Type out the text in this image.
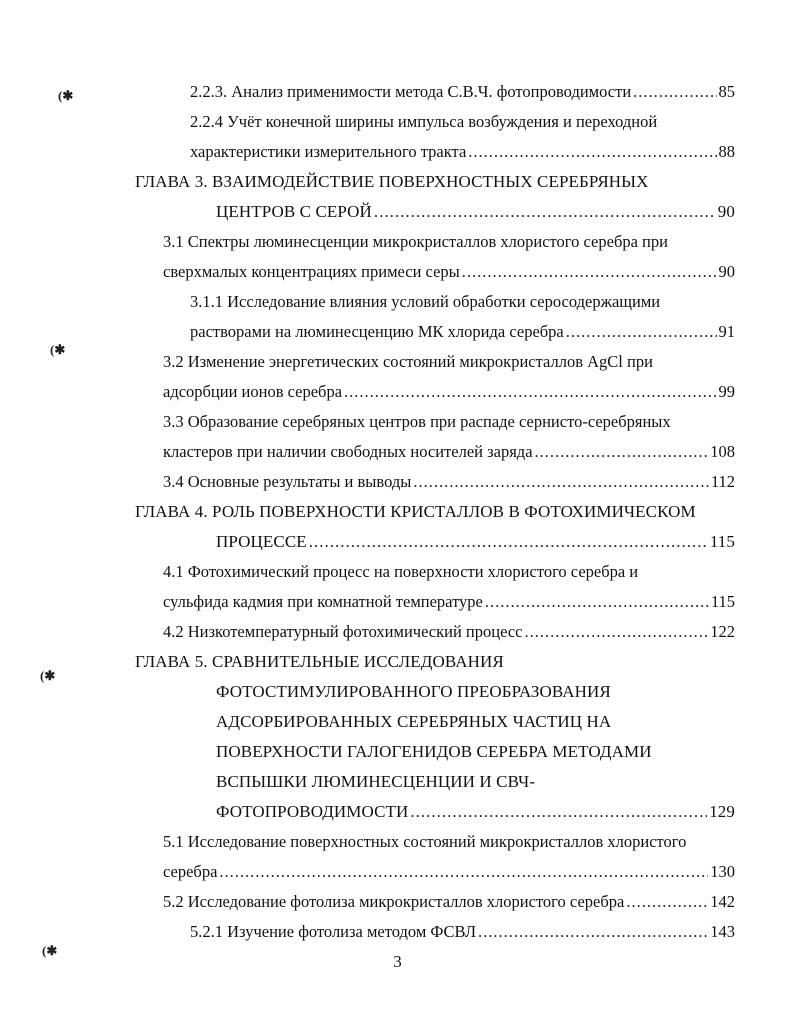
(✱
(✱
(✱
(✱
2.2.3. Анализ применимости метода С.В.Ч. фотопроводимости .....	85
2.2.4 Учёт конечной ширины импульса возбуждения и переходной
характеристики измерительного тракта .....	88
ГЛАВА 3. ВЗАИМОДЕЙСТВИЕ ПОВЕРХНОСТНЫХ СЕРЕБРЯНЫХ
ЦЕНТРОВ С СЕРОЙ .....	90
3.1 Спектры люминесценции микрокристаллов хлористого серебра при
сверхмалых концентрациях примеси серы .....	90
3.1.1 Исследование влияния условий обработки серосодержащими
растворами на люминесценцию МК хлорида серебра .....	91
3.2 Изменение энергетических состояний микрокристаллов AgCl при
адсорбции ионов серебра .....	99
3.3 Образование серебряных центров при распаде сернисто-серебряных
кластеров при наличии свободных носителей заряда .....	108
3.4 Основные результаты и выводы .....	112
ГЛАВА 4. РОЛЬ ПОВЕРХНОСТИ КРИСТАЛЛОВ В ФОТОХИМИЧЕСКОМ
ПРОЦЕССЕ .....	115
4.1 Фотохимический процесс на поверхности хлористого серебра и
сульфида кадмия при комнатной температуре .....	115
4.2 Низкотемпературный фотохимический процесс .....	122
ГЛАВА 5. СРАВНИТЕЛЬНЫЕ ИССЛЕДОВАНИЯ
ФОТОСТИМУЛИРОВАННОГО ПРЕОБРАЗОВАНИЯ
АДСОРБИРОВАННЫХ СЕРЕБРЯНЫХ ЧАСТИЦ НА
ПОВЕРХНОСТИ ГАЛОГЕНИДОВ СЕРЕБРА МЕТОДАМИ
ВСПЫШКИ ЛЮМИНЕСЦЕНЦИИ И СВЧ-
ФОТОПРОВОДИМОСТИ .....	129
5.1 Исследование поверхностных состояний микрокристаллов хлористого
серебра .....	130
5.2 Исследование фотолиза микрокристаллов хлористого серебра .....	142
5.2.1 Изучение фотолиза методом ФСВЛ .....	143
3
